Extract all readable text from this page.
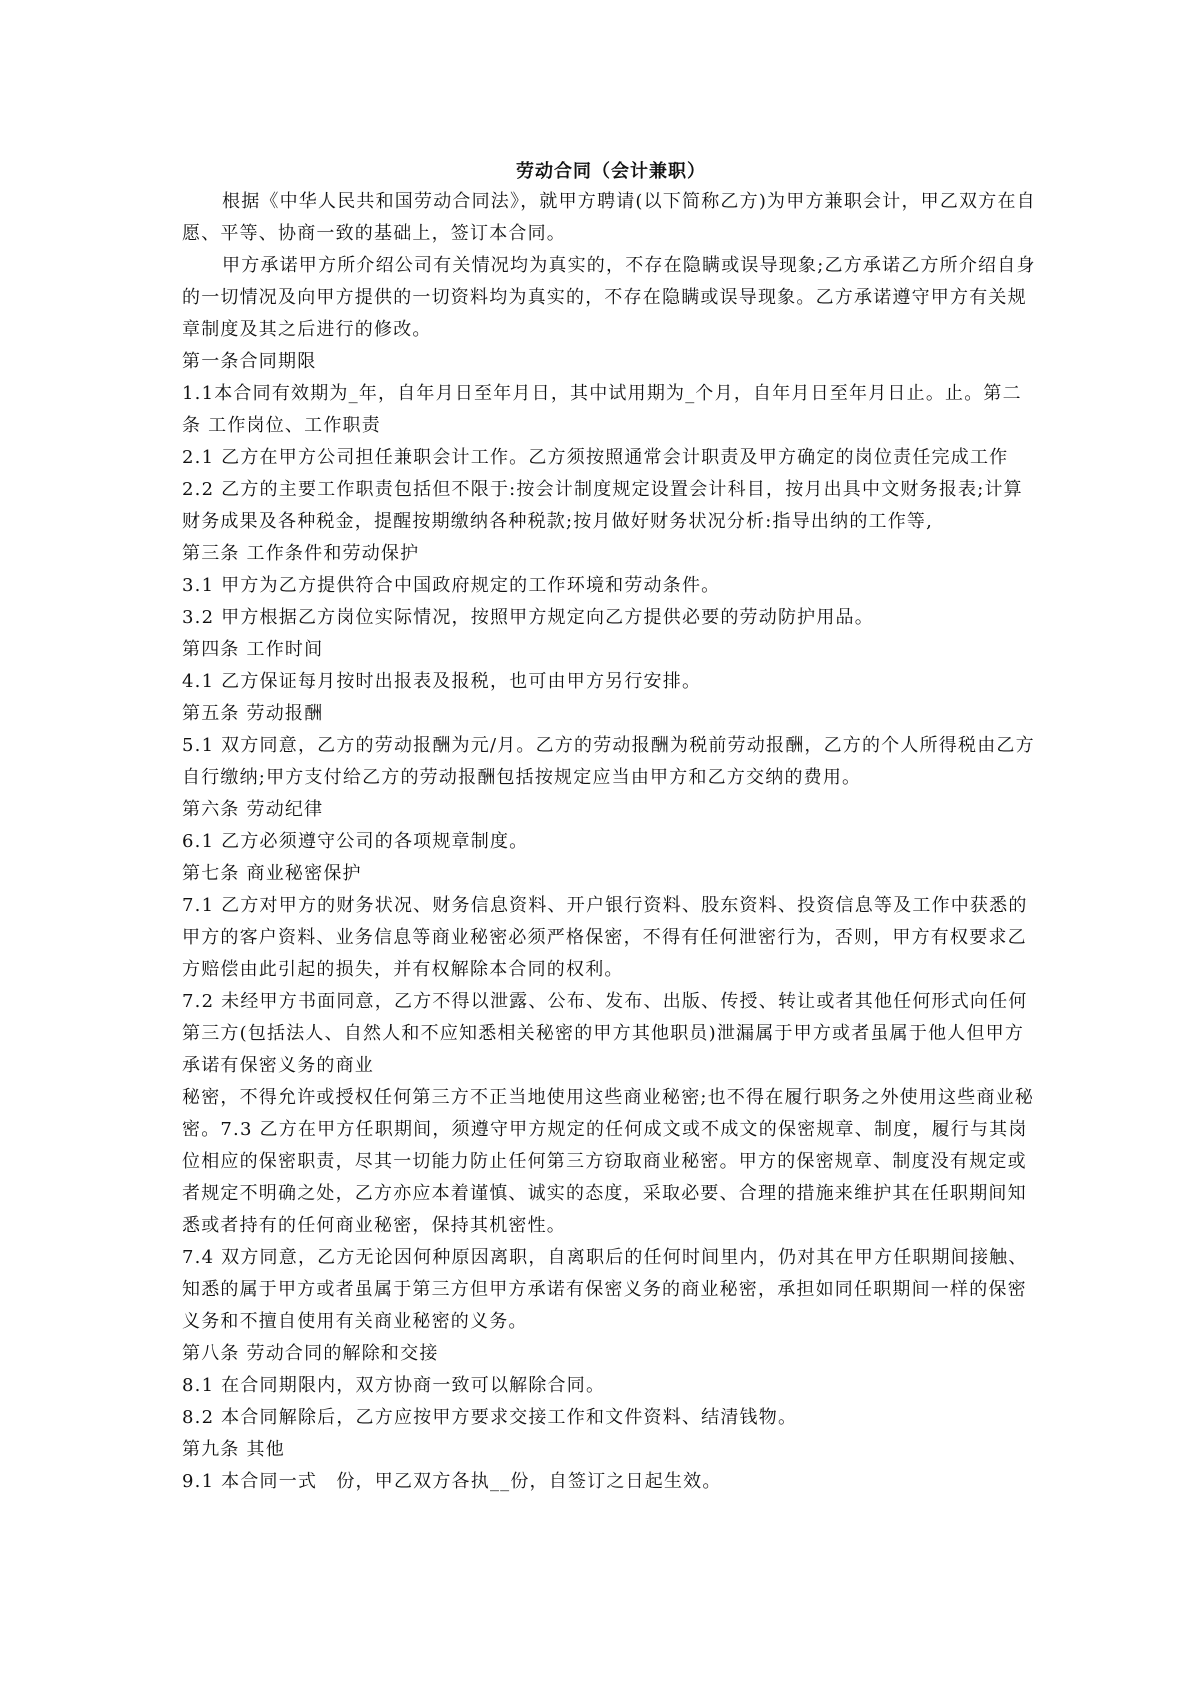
劳动合同（会计兼职）

根据《中华人民共和国劳动合同法》，就甲方聘请(以下简称乙方)为甲方兼职会计，甲乙双方在自愿、平等、协商一致的基础上，签订本合同。

甲方承诺甲方所介绍公司有关情况均为真实的，不存在隐瞒或误导现象;乙方承诺乙方所介绍自身的一切情况及向甲方提供的一切资料均为真实的，不存在隐瞒或误导现象。乙方承诺遵守甲方有关规章制度及其之后进行的修改。

第一条合同期限

1.1本合同有效期为_年，自年月日至年月日，其中试用期为_个月，自年月日至年月日止。止。第二条 工作岗位、工作职责

2.1 乙方在甲方公司担任兼职会计工作。乙方须按照通常会计职责及甲方确定的岗位责任完成工作

2.2 乙方的主要工作职责包括但不限于:按会计制度规定设置会计科目，按月出具中文财务报表;计算财务成果及各种税金，提醒按期缴纳各种税款;按月做好财务状况分析:指导出纳的工作等,

第三条 工作条件和劳动保护

3.1 甲方为乙方提供符合中国政府规定的工作环境和劳动条件。

3.2 甲方根据乙方岗位实际情况，按照甲方规定向乙方提供必要的劳动防护用品。

第四条 工作时间

4.1 乙方保证每月按时出报表及报税，也可由甲方另行安排。

第五条 劳动报酬

5.1 双方同意，乙方的劳动报酬为元/月。乙方的劳动报酬为税前劳动报酬，乙方的个人所得税由乙方自行缴纳;甲方支付给乙方的劳动报酬包括按规定应当由甲方和乙方交纳的费用。

第六条 劳动纪律

6.1 乙方必须遵守公司的各项规章制度。

第七条 商业秘密保护

7.1 乙方对甲方的财务状况、财务信息资料、开户银行资料、股东资料、投资信息等及工作中获悉的甲方的客户资料、业务信息等商业秘密必须严格保密，不得有任何泄密行为，否则，甲方有权要求乙方赔偿由此引起的损失，并有权解除本合同的权利。

7.2 未经甲方书面同意，乙方不得以泄露、公布、发布、出版、传授、转让或者其他任何形式向任何第三方(包括法人、自然人和不应知悉相关秘密的甲方其他职员)泄漏属于甲方或者虽属于他人但甲方承诺有保密义务的商业

秘密，不得允许或授权任何第三方不正当地使用这些商业秘密;也不得在履行职务之外使用这些商业秘密。7.3 乙方在甲方任职期间，须遵守甲方规定的任何成文或不成文的保密规章、制度，履行与其岗位相应的保密职责，尽其一切能力防止任何第三方窃取商业秘密。甲方的保密规章、制度没有规定或者规定不明确之处，乙方亦应本着谨慎、诚实的态度，采取必要、合理的措施来维护其在任职期间知悉或者持有的任何商业秘密，保持其机密性。

7.4 双方同意，乙方无论因何种原因离职，自离职后的任何时间里内，仍对其在甲方任职期间接触、知悉的属于甲方或者虽属于第三方但甲方承诺有保密义务的商业秘密，承担如同任职期间一样的保密义务和不擅自使用有关商业秘密的义务。

第八条 劳动合同的解除和交接

8.1 在合同期限内，双方协商一致可以解除合同。

8.2 本合同解除后，乙方应按甲方要求交接工作和文件资料、结清钱物。

第九条 其他

9.1 本合同一式　份，甲乙双方各执__份，自签订之日起生效。
